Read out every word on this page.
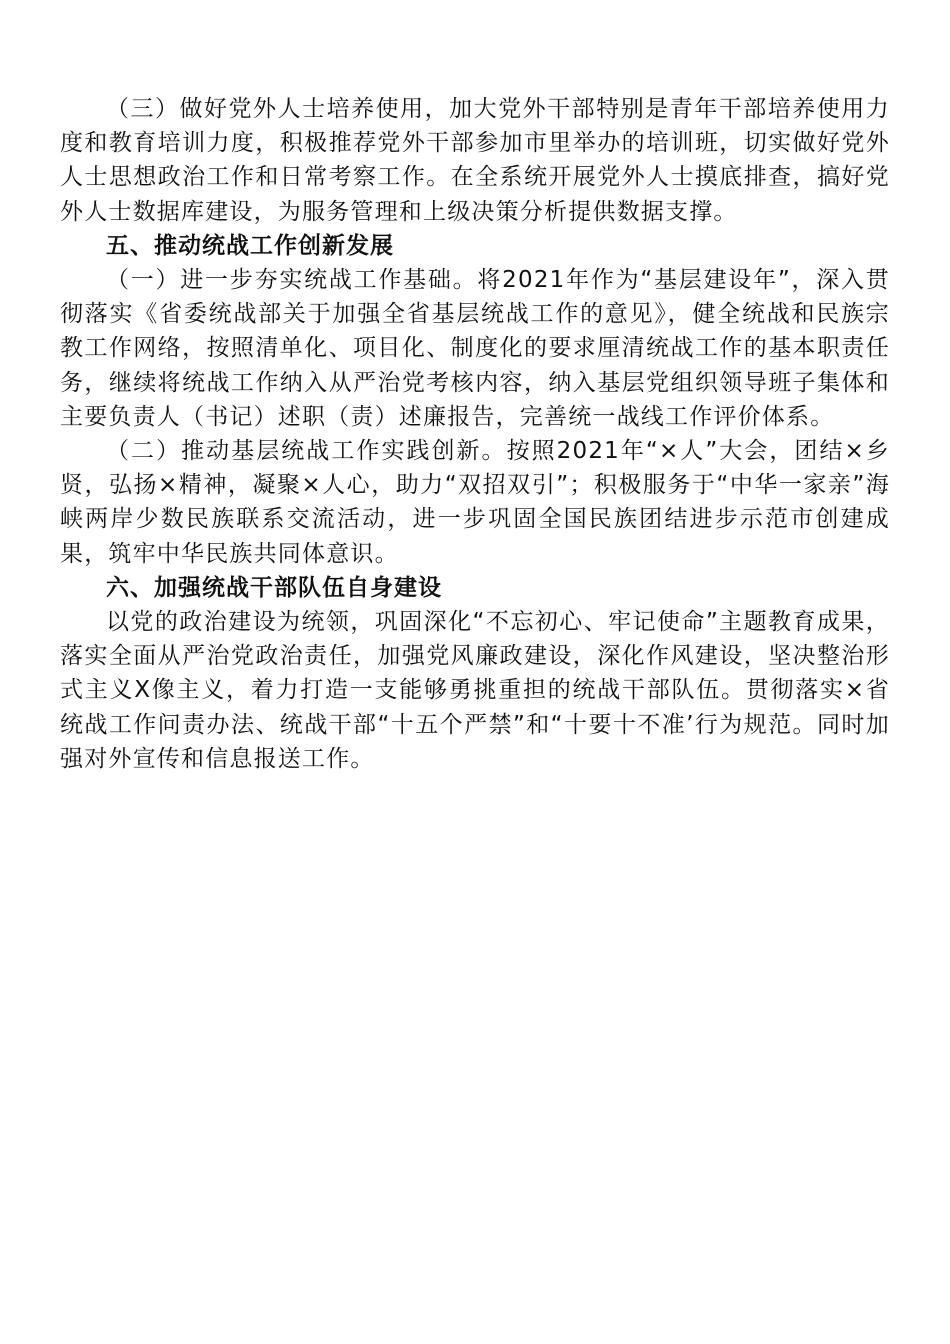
（三）做好党外人士培养使用，加大党外干部特别是青年干部培养使用力度和教育培训力度，积极推荐党外干部参加市里举办的培训班，切实做好党外人士思想政治工作和日常考察工作。在全系统开展党外人士摸底排查，搞好党外人士数据库建设，为服务管理和上级决策分析提供数据支撑。

五、推动统战工作创新发展

（一）进一步夯实统战工作基础。将2021年作为“基层建设年”，深入贯彻落实《省委统战部关于加强全省基层统战工作的意见》，健全统战和民族宗教工作网络，按照清单化、项目化、制度化的要求厘清统战工作的基本职责任务，继续将统战工作纳入从严治党考核内容，纳入基层党组织领导班子集体和主要负责人（书记）述职（责）述廉报告，完善统一战线工作评价体系。

（二）推动基层统战工作实践创新。按照2021年“×人”大会，团结×乡贤，弘扬×精神，凝聚×人心，助力“双招双引”；积极服务于“中华一家亲”海峡两岸少数民族联系交流活动，进一步巩固全国民族团结进步示范市创建成果，筑牢中华民族共同体意识。

六、加强统战干部队伍自身建设

以党的政治建设为统领，巩固深化“不忘初心、牢记使命”主题教育成果，落实全面从严治党政治责任，加强党风廉政建设，深化作风建设，坚决整治形式主义X像主义，着力打造一支能够勇挑重担的统战干部队伍。贯彻落实×省统战工作问责办法、统战干部“十五个严禁”和“十要十不准’行为规范。同时加强对外宣传和信息报送工作。
